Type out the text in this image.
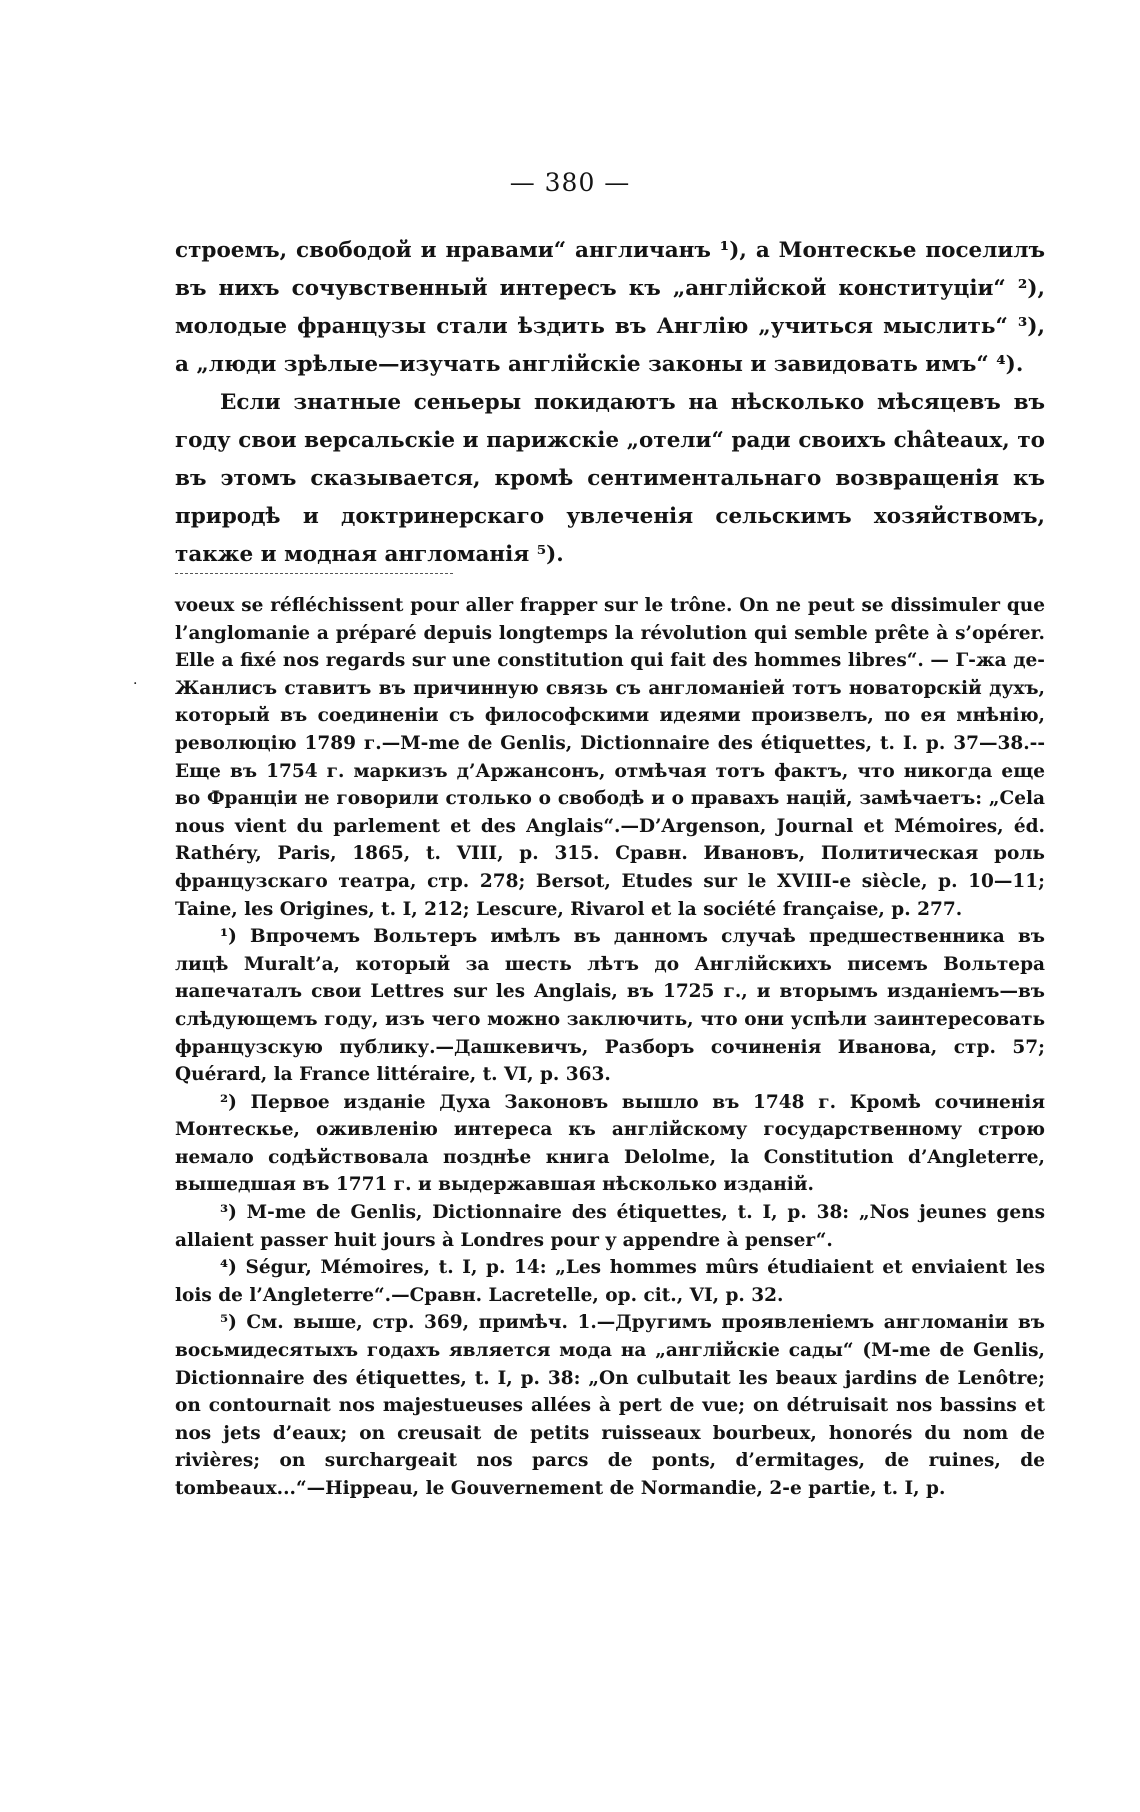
— 380 —

строемъ, свободой и нравами“ англичанъ ¹), а Монтескье поселилъ въ нихъ сочувственный интересъ къ „англійской конституціи“ ²), молодые французы стали ѣздить въ Англію „учиться мыслить“ ³), а „люди зрѣлые—изучать англійскіе законы и завидовать имъ“ ⁴).

Если знатные сеньеры покидаютъ на нѣсколько мѣсяцевъ въ году свои версальскіе и парижскіе „отели“ ради своихъ châteaux, то въ этомъ сказывается, кромѣ сентиментальнаго возвращенія къ природѣ и доктринерскаго увлеченія сельскимъ хозяйствомъ, также и модная англоманія ⁵).

·

voeux se réfléchissent pour aller frapper sur le trône. On ne peut se dissimuler que l’anglomanie a préparé depuis longtemps la révolution qui semble prête à s’opérer. Elle a fixé nos regards sur une constitution qui fait des hommes libres“. — Г-жа де-Жанлисъ ставитъ въ причинную связь съ англоманіей тотъ новаторскій духъ, который въ соединеніи съ философскими идеями произвелъ, по ея мнѣнію, революцію 1789 г.—M-me de Genlis, Dictionnaire des étiquettes, t. I. p. 37—38.--Еще въ 1754 г. маркизъ д’Аржансонъ, отмѣчая тотъ фактъ, что никогда еще во Франціи не говорили столько о свободѣ и о правахъ націй, замѣчаетъ: „Cela nous vient du parlement et des Anglais“.—D’Argenson, Journal et Mémoires, éd. Rathéry, Paris, 1865, t. VIII, p. 315. Сравн. Ивановъ, Политическая роль французскаго театра, стр. 278; Bersot, Etudes sur le XVIII-e siècle, p. 10—11; Taine, les Origines, t. I, 212; Lescure, Rivarol et la société française, p. 277.

¹) Впрочемъ Вольтеръ имѣлъ въ данномъ случаѣ предшественника въ лицѣ Muralt’a, который за шесть лѣтъ до Англійскихъ писемъ Вольтера напечаталъ свои Lettres sur les Anglais, въ 1725 г., и вторымъ изданіемъ—въ слѣдующемъ году, изъ чего можно заключить, что они успѣли заинтересовать французскую публику.—Дашкевичъ, Разборъ сочиненія Иванова, стр. 57; Quérard, la France littéraire, t. VI, p. 363.

²) Первое изданіе Духа Законовъ вышло въ 1748 г. Кромѣ сочиненія Монтескье, оживленію интереса къ англійскому государственному строю немало содѣйствовала позднѣе книга Delolme, la Constitution d’Angleterre, вышедшая въ 1771 г. и выдержавшая нѣсколько изданій.

³) M-me de Genlis, Dictionnaire des étiquettes, t. I, p. 38: „Nos jeunes gens allaient passer huit jours à Londres pour y appendre à penser“.

⁴) Ségur, Mémoires, t. I, p. 14: „Les hommes mûrs étudiaient et enviaient les lois de l’Angleterre“.—Сравн. Lacretelle, op. cit., VI, p. 32.

⁵) См. выше, стр. 369, примѣч. 1.—Другимъ проявленіемъ англоманіи въ восьмидесятыхъ годахъ является мода на „англійскіе сады“ (M-me de Genlis, Dictionnaire des étiquettes, t. I, p. 38: „On culbutait les beaux jardins de Lenôtre; on contournait nos majestueuses allées à pert de vue; on détruisait nos bassins et nos jets d’eaux; on creusait de petits ruisseaux bourbeux, honorés du nom de rivières; on surchargeait nos parcs de ponts, d’ermitages, de ruines, de tombeaux...“—Hippeau, le Gouvernement de Normandie, 2-e partie, t. I, p.
